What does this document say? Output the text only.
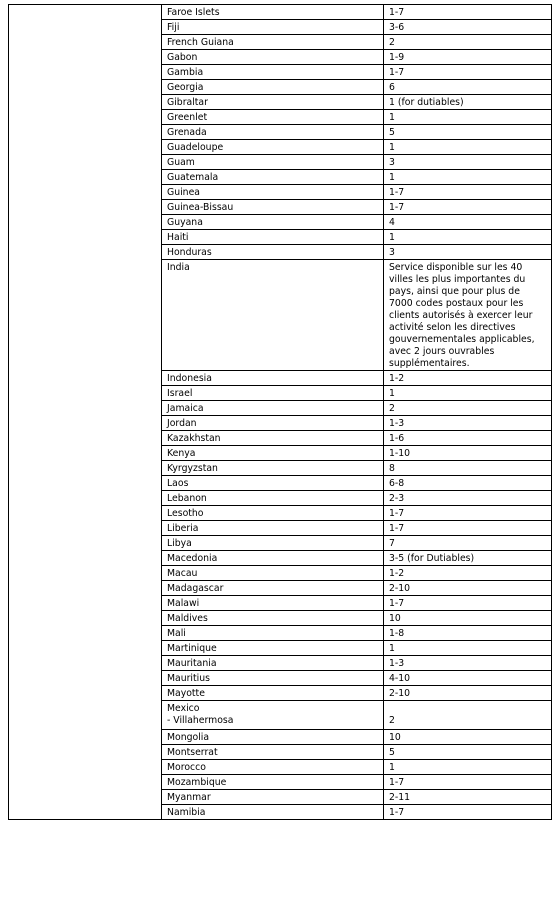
	Faroe Islets	1-7

	Fiji	3-6

	French Guiana	2

	Gabon	1-9

	Gambia	1-7

	Georgia	6

	Gibraltar	1 (for dutiables)

	Greenlet	1

	Grenada	5

	Guadeloupe	1

	Guam	3

	Guatemala	1

	Guinea	1-7

	Guinea-Bissau	1-7

	Guyana	4

	Haiti	1

	Honduras	3

	India	Service disponible sur les 40 villes les plus importantes du pays, ainsi que pour plus de 7000 codes postaux pour les clients autorisés à exercer leur activité selon les directives gouvernementales applicables, avec 2 jours ouvrables supplémentaires.

	Indonesia	1-2

	Israel	1

	Jamaica	2

	Jordan	1-3

	Kazakhstan	1-6

	Kenya	1-10

	Kyrgyzstan	8

	Laos	6-8

	Lebanon	2-3

	Lesotho	1-7

	Liberia	1-7

	Libya	7

	Macedonia	3-5 (for Dutiables)

	Macau	1-2

	Madagascar	2-10

	Malawi	1-7

	Maldives	10

	Mali	1-8

	Martinique	1

	Mauritania	1-3

	Mauritius	4-10

	Mayotte	2-10

	Mexico
- Villahermosa	2

	Mongolia	10

	Montserrat	5

	Morocco	1

	Mozambique	1-7

	Myanmar	2-11

	Namibia	1-7
